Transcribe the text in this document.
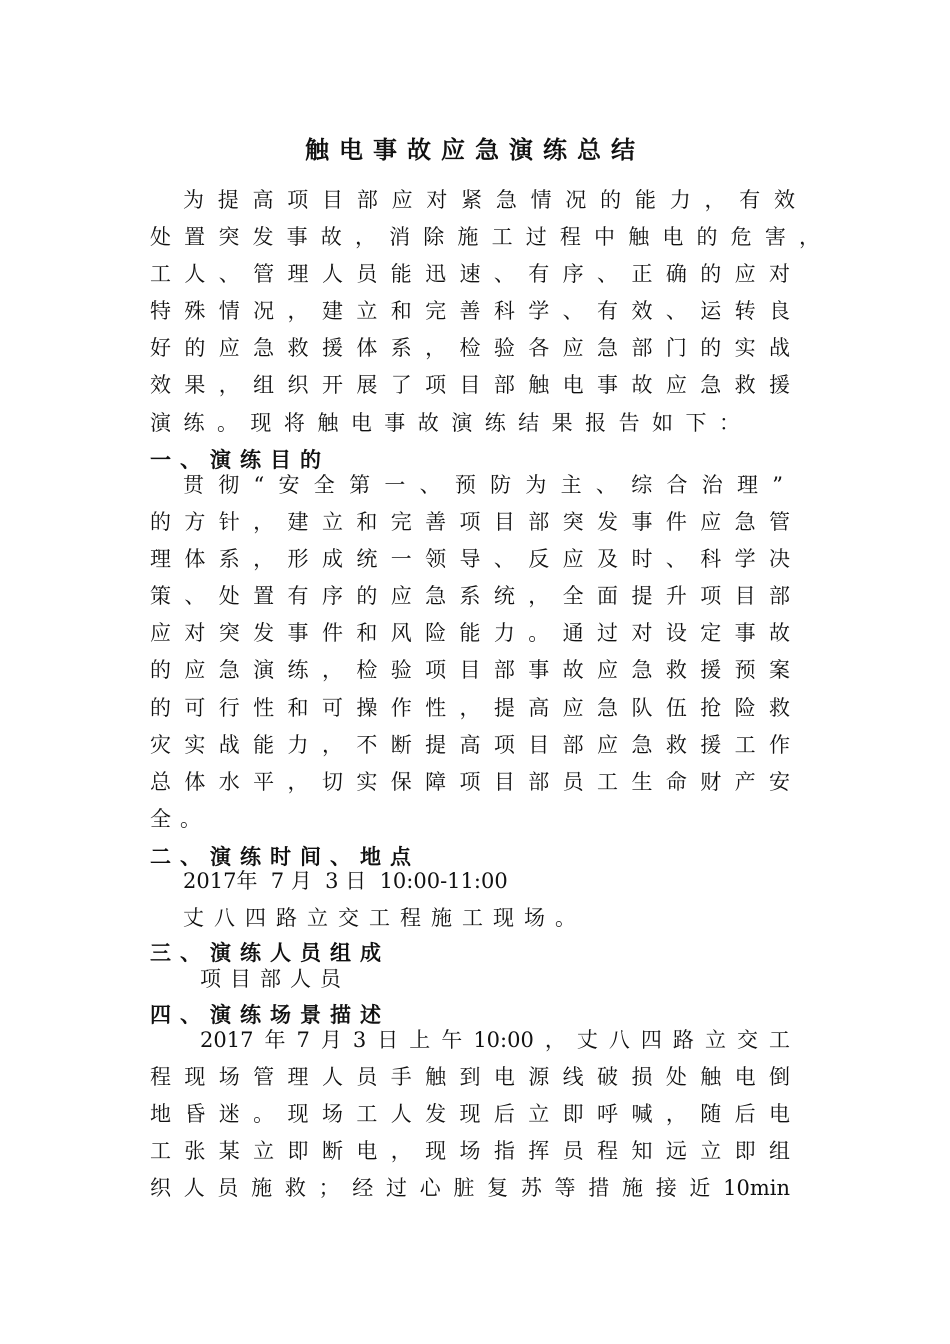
触电事故应急演练总结

为提高项目部应对紧急情况的能力，有效

处置突发事故，消除施工过程中触电的危害，

工人、管理人员能迅速、有序、正确的应对

特殊情况，建立和完善科学、有效、运转良

好的应急救援体系，检验各应急部门的实战

效果，组织开展了项目部触电事故应急救援

演练。现将触电事故演练结果报告如下：

一、演练目的

贯彻“安全第一、预防为主、综合治理”

的方针，建立和完善项目部突发事件应急管

理体系，形成统一领导、反应及时、科学决

策、处置有序的应急系统，全面提升项目部

应对突发事件和风险能力。通过对设定事故

的应急演练，检验项目部事故应急救援预案

的可行性和可操作性，提高应急队伍抢险救

灾实战能力，不断提高项目部应急救援工作

总体水平，切实保障项目部员工生命财产安

全。

二、演练时间、地点

2017年  7 月  3 日  10:00-11:00

丈八四路立交工程施工现场。

三、演练人员组成

项目部人员

四、演练场景描述

2017年7月3日上午10:00，丈八四路立交工

程现场管理人员手触到电源线破损处触电倒

地昏迷。现场工人发现后立即呼喊，随后电

工张某立即断电，现场指挥员程知远立即组

织人员施救；经过心脏复苏等措施接近10min
